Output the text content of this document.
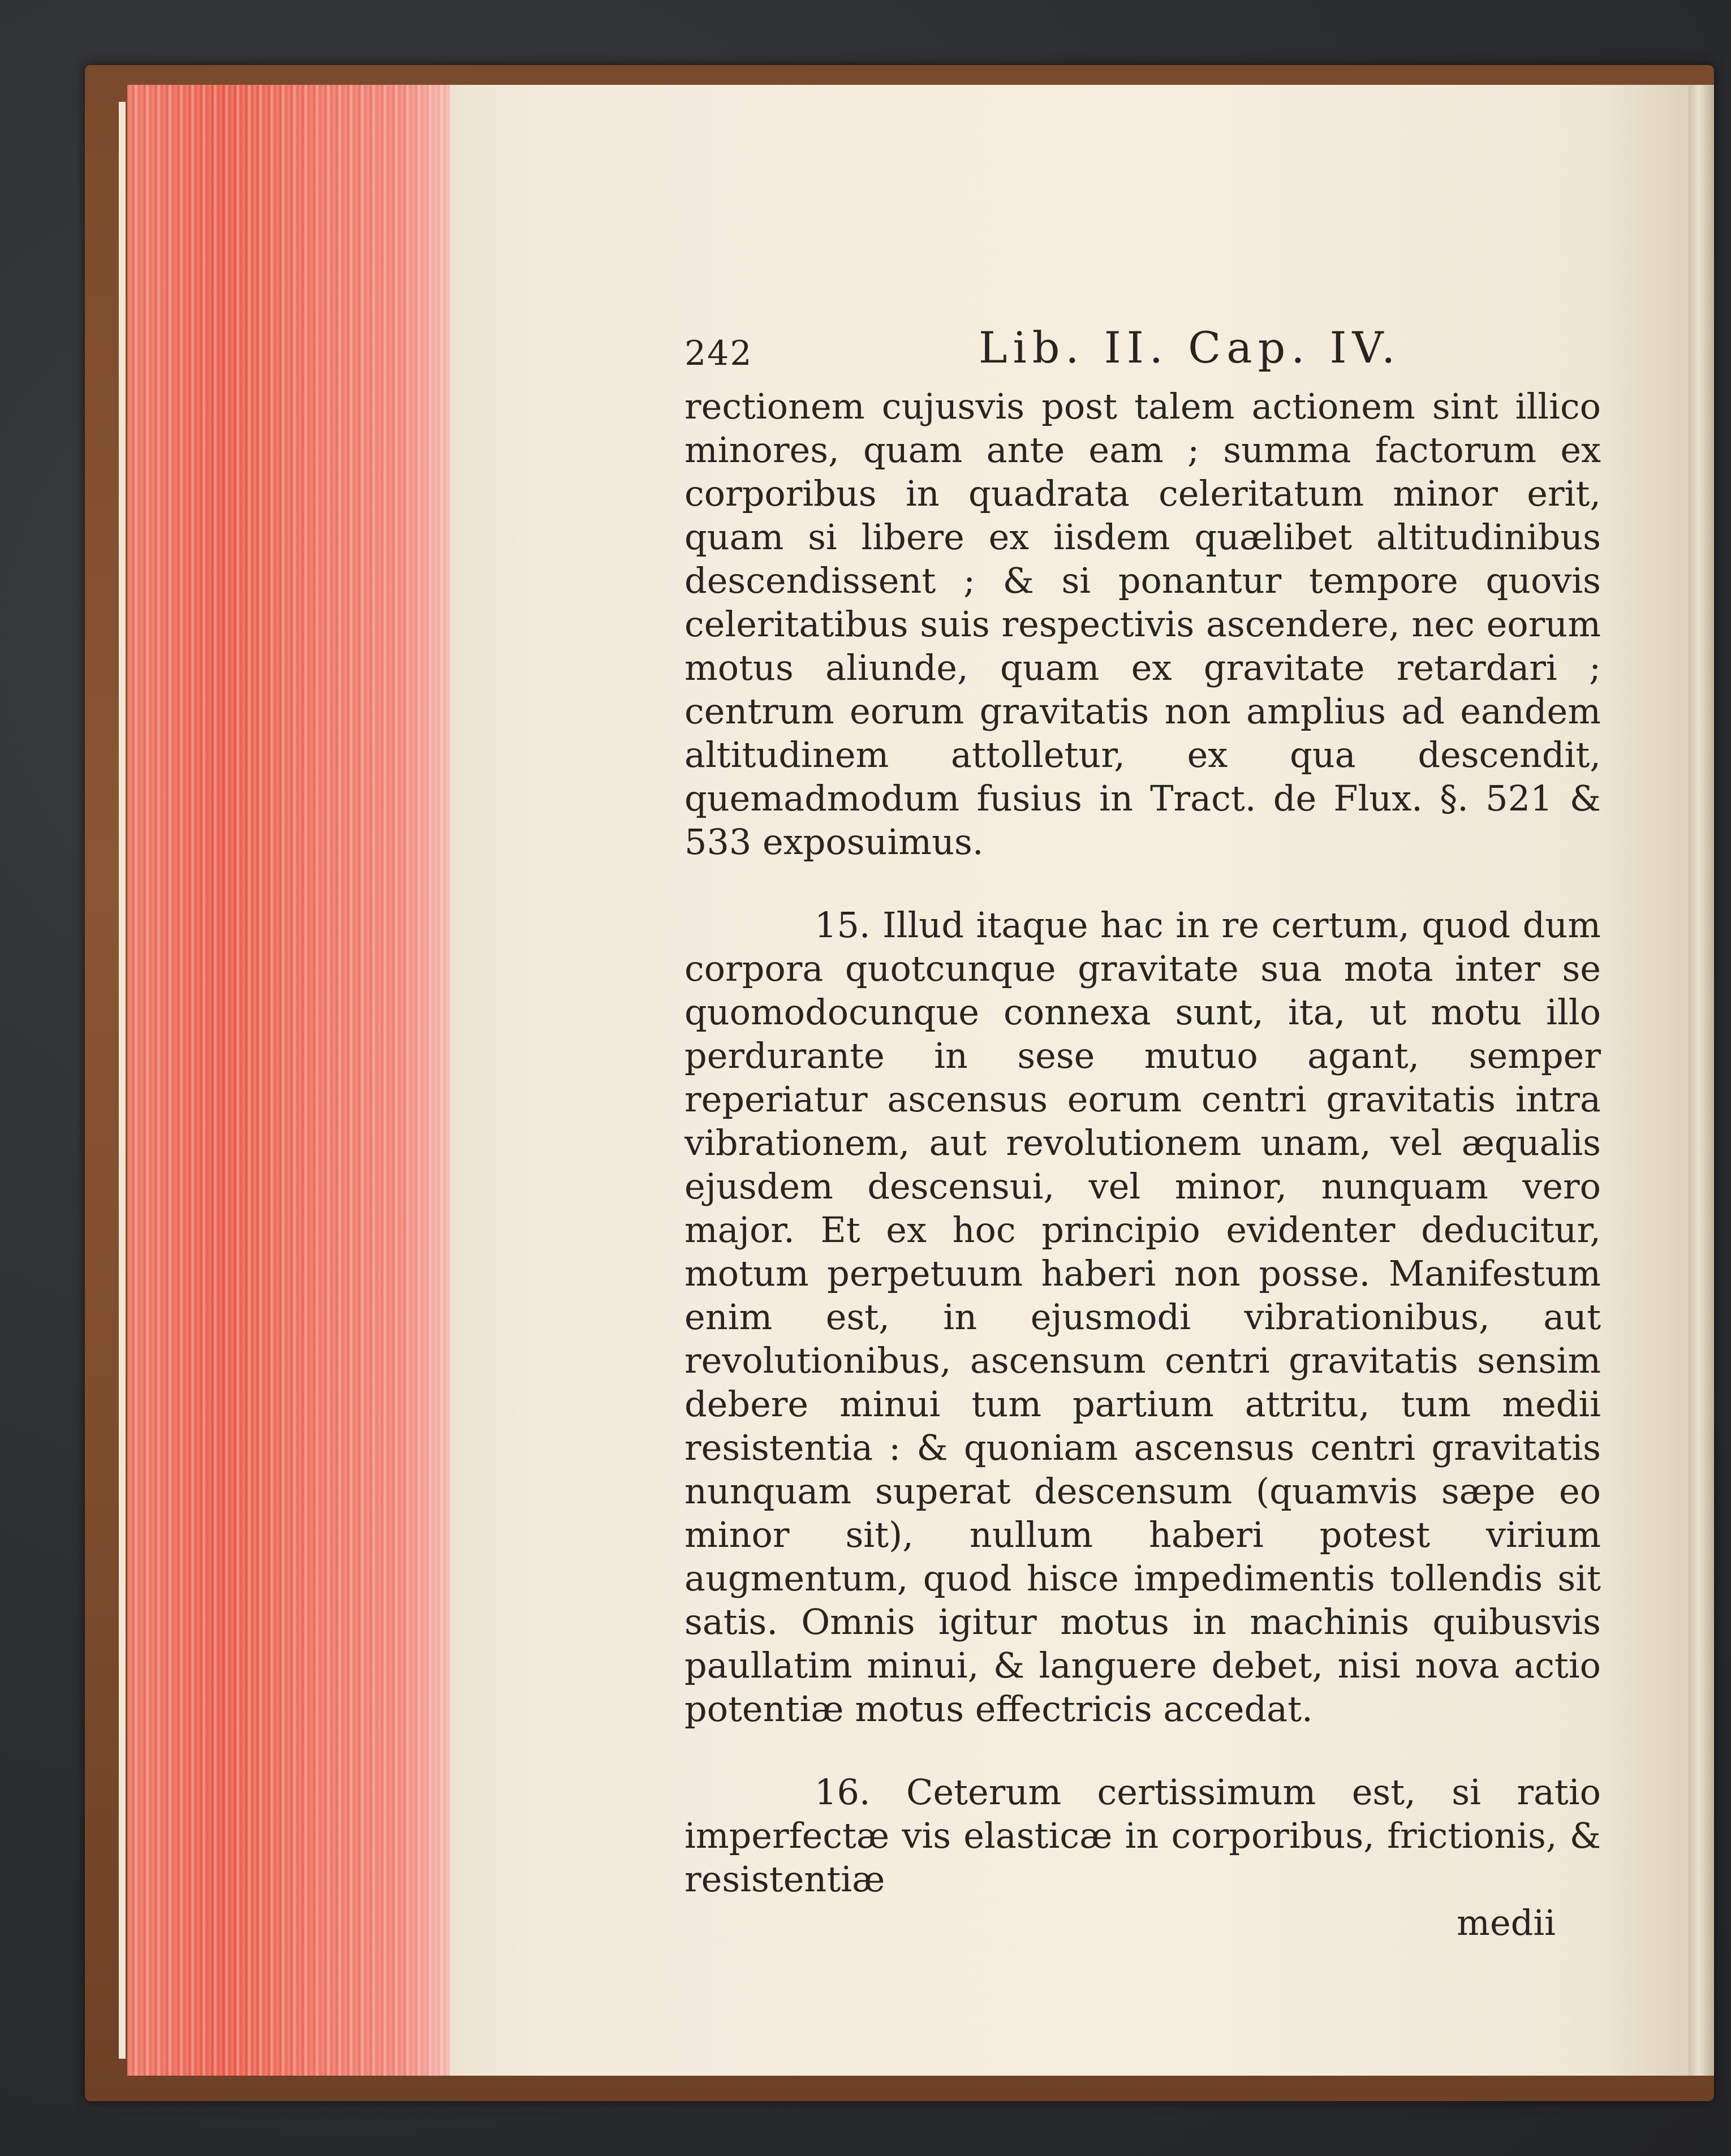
242	Lib. II. Cap. IV.

rectionem cujusvis post talem actionem sint illico minores, quam ante eam ; summa factorum ex corporibus in quadrata celeritatum minor erit, quam si libere ex iisdem quælibet altitudinibus descendissent ; & si ponantur tempore quovis celeritatibus suis respectivis ascendere, nec eorum motus aliunde, quam ex gravitate retardari ; centrum eorum gravitatis non amplius ad eandem altitudinem attolletur, ex qua descendit, quemadmodum fusius in Tract. de Flux. §. 521 & 533 exposuimus.

15. Illud itaque hac in re certum, quod dum corpora quotcunque gravitate sua mota inter se quomodocunque connexa sunt, ita, ut motu illo perdurante in sese mutuo agant, semper reperiatur ascensus eorum centri gravitatis intra vibrationem, aut revolutionem unam, vel æqualis ejusdem descensui, vel minor, nunquam vero major. Et ex hoc principio evidenter deducitur, motum perpetuum haberi non posse. Manifestum enim est, in ejusmodi vibrationibus, aut revolutionibus, ascensum centri gravitatis sensim debere minui tum partium attritu, tum medii resistentia : & quoniam ascensus centri gravitatis nunquam superat descensum (quamvis sæpe eo minor sit), nullum haberi potest virium augmentum, quod hisce impedimentis tollendis sit satis. Omnis igitur motus in machinis quibusvis paullatim minui, & languere debet, nisi nova actio potentiæ motus effectricis accedat.

16. Ceterum certissimum est, si ratio imperfectæ vis elasticæ in corporibus, frictionis, & resistentiæ

medii
